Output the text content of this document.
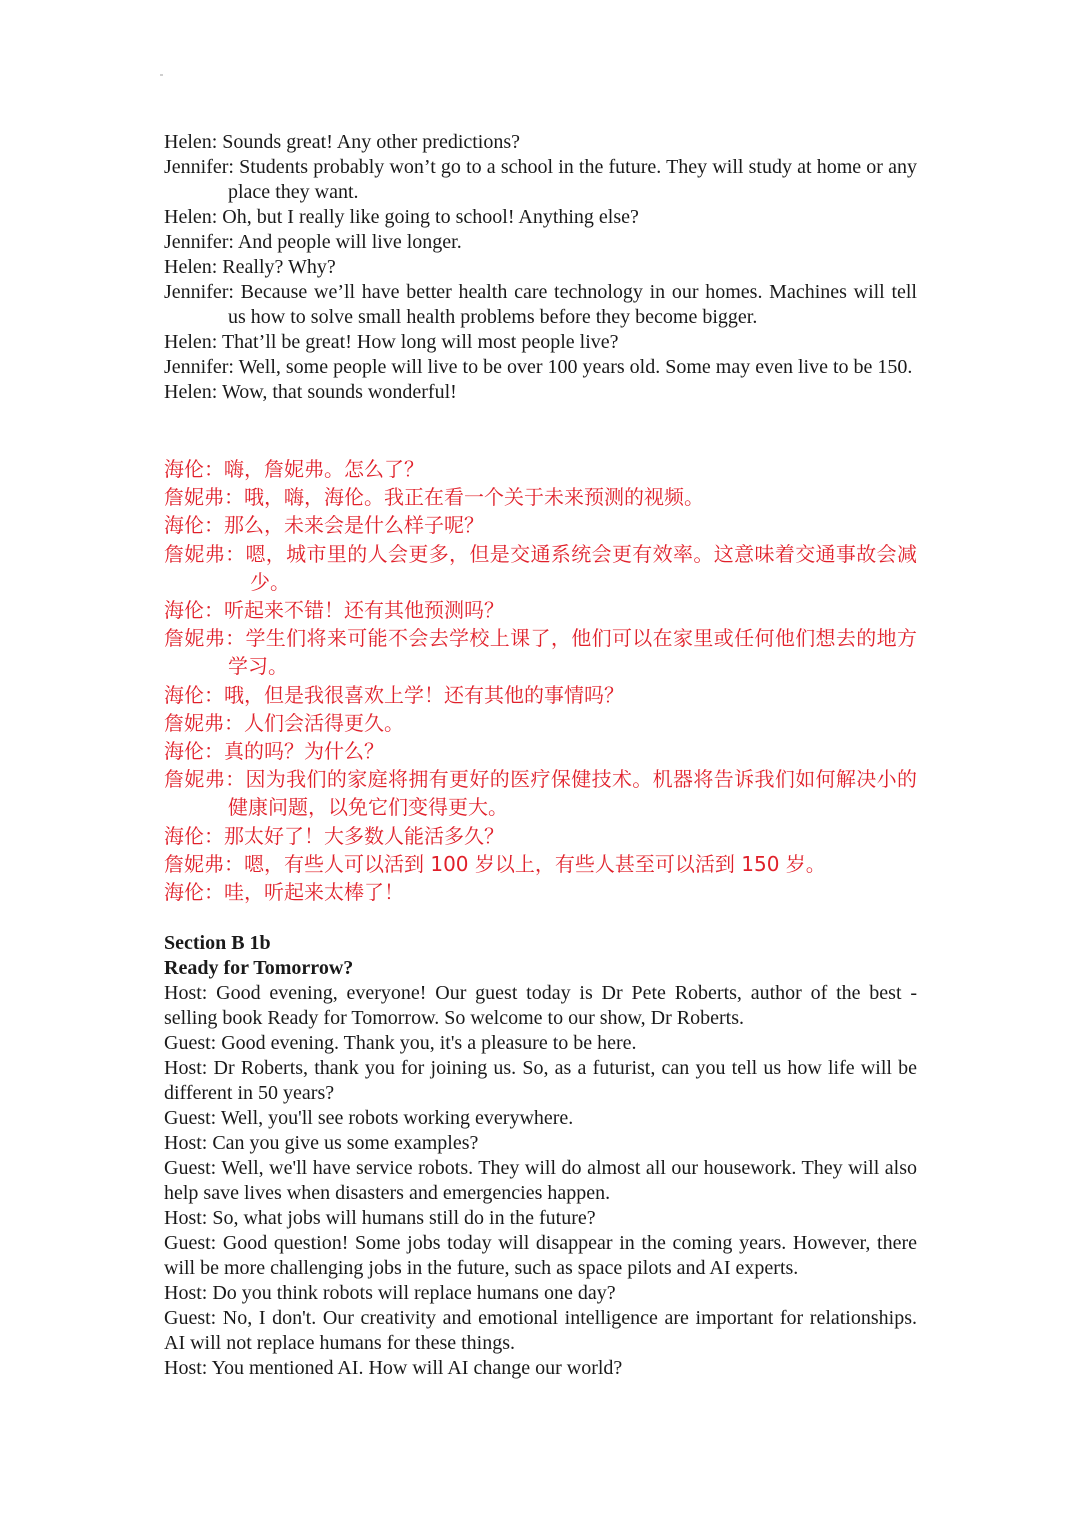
Helen: Sounds great! Any other predictions?

Jennifer: Students probably won’t go to a school in the future. They will study at home or any place they want.

Helen: Oh, but I really like going to school! Anything else?

Jennifer: And people will live longer.

Helen: Really? Why?

Jennifer: Because we’ll have better health care technology in our homes. Machines will tell us how to solve small health problems before they become bigger.

Helen: That’ll be great! How long will most people live?

Jennifer: Well, some people will live to be over 100 years old. Some may even live to be 150.

Helen: Wow, that sounds wonderful!

海伦：嗨，詹妮弗。怎么了？

詹妮弗：哦，嗨，海伦。我正在看一个关于未来预测的视频。

海伦：那么，未来会是什么样子呢？

詹妮弗：嗯，城市里的人会更多，但是交通系统会更有效率。这意味着交通事故会减少。

海伦：听起来不错！还有其他预测吗？

詹妮弗：学生们将来可能不会去学校上课了，他们可以在家里或任何他们想去的地方学习。

海伦：哦，但是我很喜欢上学！还有其他的事情吗？

詹妮弗：人们会活得更久。

海伦：真的吗？为什么？

詹妮弗：因为我们的家庭将拥有更好的医疗保健技术。机器将告诉我们如何解决小的健康问题，以免它们变得更大。

海伦：那太好了！大多数人能活多久？

詹妮弗：嗯，有些人可以活到 100 岁以上，有些人甚至可以活到 150 岁。

海伦：哇，听起来太棒了！

Section B 1b

Ready for Tomorrow?

Host: Good evening, everyone! Our guest today is Dr Pete Roberts, author of the best - selling book Ready for Tomorrow. So welcome to our show, Dr Roberts.

Guest: Good evening. Thank you, it's a pleasure to be here.

Host: Dr Roberts, thank you for joining us. So, as a futurist, can you tell us how life will be different in 50 years?

Guest: Well, you'll see robots working everywhere.

Host: Can you give us some examples?

Guest: Well, we'll have service robots. They will do almost all our housework. They will also help save lives when disasters and emergencies happen.

Host: So, what jobs will humans still do in the future?

Guest: Good question! Some jobs today will disappear in the coming years. However, there will be more challenging jobs in the future, such as space pilots and AI experts.

Host: Do you think robots will replace humans one day?

Guest: No, I don't. Our creativity and emotional intelligence are important for relationships. AI will not replace humans for these things.

Host: You mentioned AI. How will AI change our world?
